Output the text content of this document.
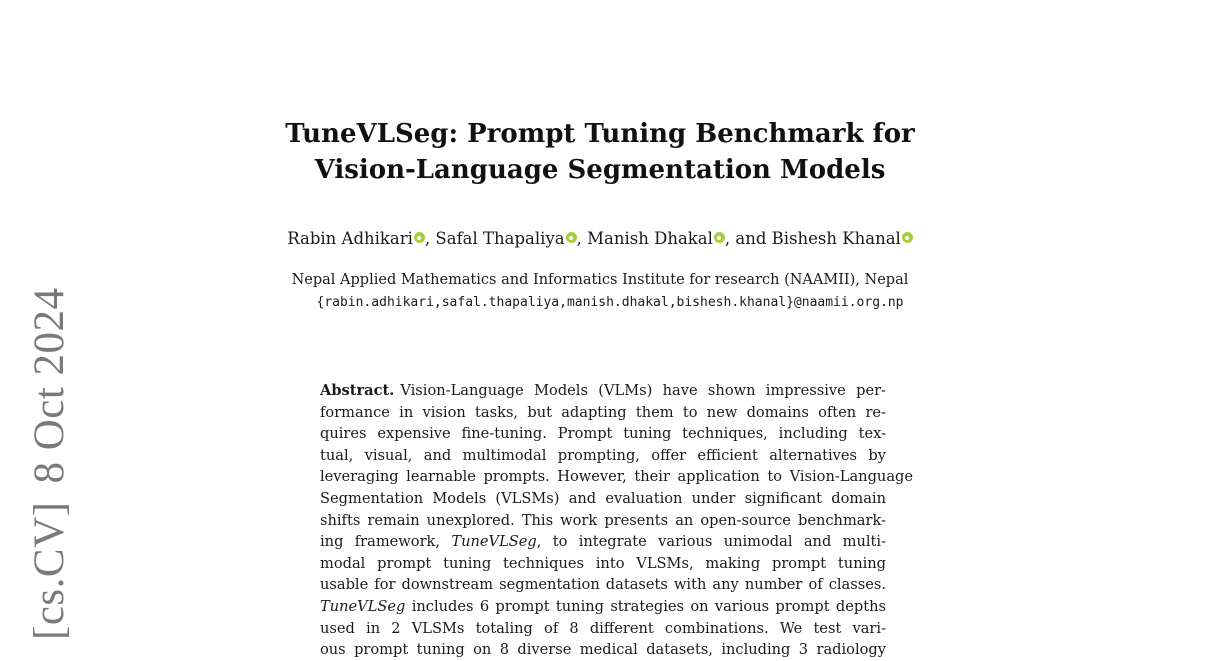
[cs.CV]8 Oct 2024
TuneVLSeg: Prompt Tuning Benchmark for
Vision-Language Segmentation Models
Rabin Adhikari , Safal Thapaliya , Manish Dhakal , and Bishesh Khanal
Nepal Applied Mathematics and Informatics Institute for research (NAAMII), Nepal
{rabin.adhikari,safal.thapaliya,manish.dhakal,bishesh.khanal}@naamii.org.np
Abstract. Vision-Language Models (VLMs) have shown impressive per-
formance in vision tasks, but adapting them to new domains often re-
quires expensive fine-tuning. Prompt tuning techniques, including tex-
tual, visual, and multimodal prompting, offer efficient alternatives by
leveraging learnable prompts. However, their application to Vision-Language
Segmentation Models (VLSMs) and evaluation under significant domain
shifts remain unexplored. This work presents an open-source benchmark-
ing framework, TuneVLSeg, to integrate various unimodal and multi-
modal prompt tuning techniques into VLSMs, making prompt tuning
usable for downstream segmentation datasets with any number of classes.
TuneVLSeg includes 6 prompt tuning strategies on various prompt depths
used in 2 VLSMs totaling of 8 different combinations. We test vari-
ous prompt tuning on 8 diverse medical datasets, including 3 radiology
